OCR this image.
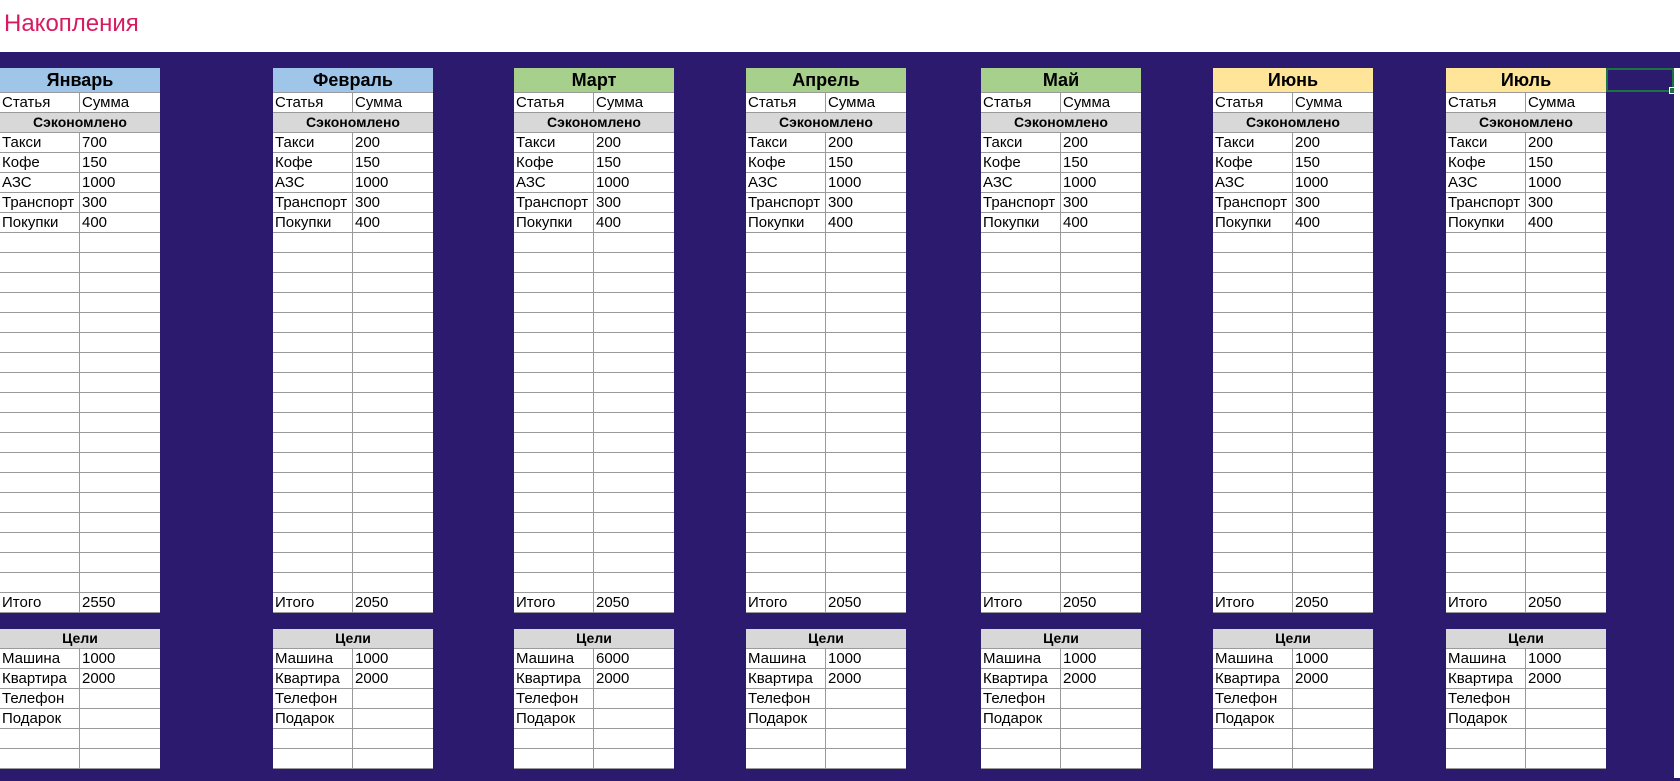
Накопления
Январь
Статья	Сумма
Сэкономлено
Такси	700
Кофе	150
АЗС	1000
Транспорт 300
Покупки	400
Итого	2550
Цели
Машина	1000
Квартира	2000
Телефон
Подарок
Февраль
Статья	Сумма
Сэкономлено
Такси	200
Кофе	150
АЗС	1000
Транспорт 300
Покупки	400
Итого	2050
Цели
Машина	1000
Квартира	2000
Телефон
Подарок
Март
Статья	Сумма
Сэкономлено
Такси	200
Кофе	150
АЗС	1000
Транспорт 300
Покупки	400
Итого	2050
Цели
Машина	6000
Квартира	2000
Телефон
Подарок
Апрель
Статья	Сумма
Сэкономлено
Такси	200
Кофе	150
АЗС	1000
Транспорт 300
Покупки	400
Итого	2050
Цели
Машина	1000
Квартира	2000
Телефон
Подарок
Май
Статья	Сумма
Сэкономлено
Такси	200
Кофе	150
АЗС	1000
Транспорт 300
Покупки	400
Итого	2050
Цели
Машина	1000
Квартира	2000
Телефон
Подарок
Июнь
Статья	Сумма
Сэкономлено
Такси	200
Кофе	150
АЗС	1000
Транспорт 300
Покупки	400
Итого	2050
Цели
Машина	1000
Квартира	2000
Телефон
Подарок
Июль
Статья	Сумма
Сэкономлено
Такси	200
Кофе	150
АЗС	1000
Транспорт 300
Покупки	400
Итого	2050
Цели
Машина	1000
Квартира	2000
Телефон
Подарок
